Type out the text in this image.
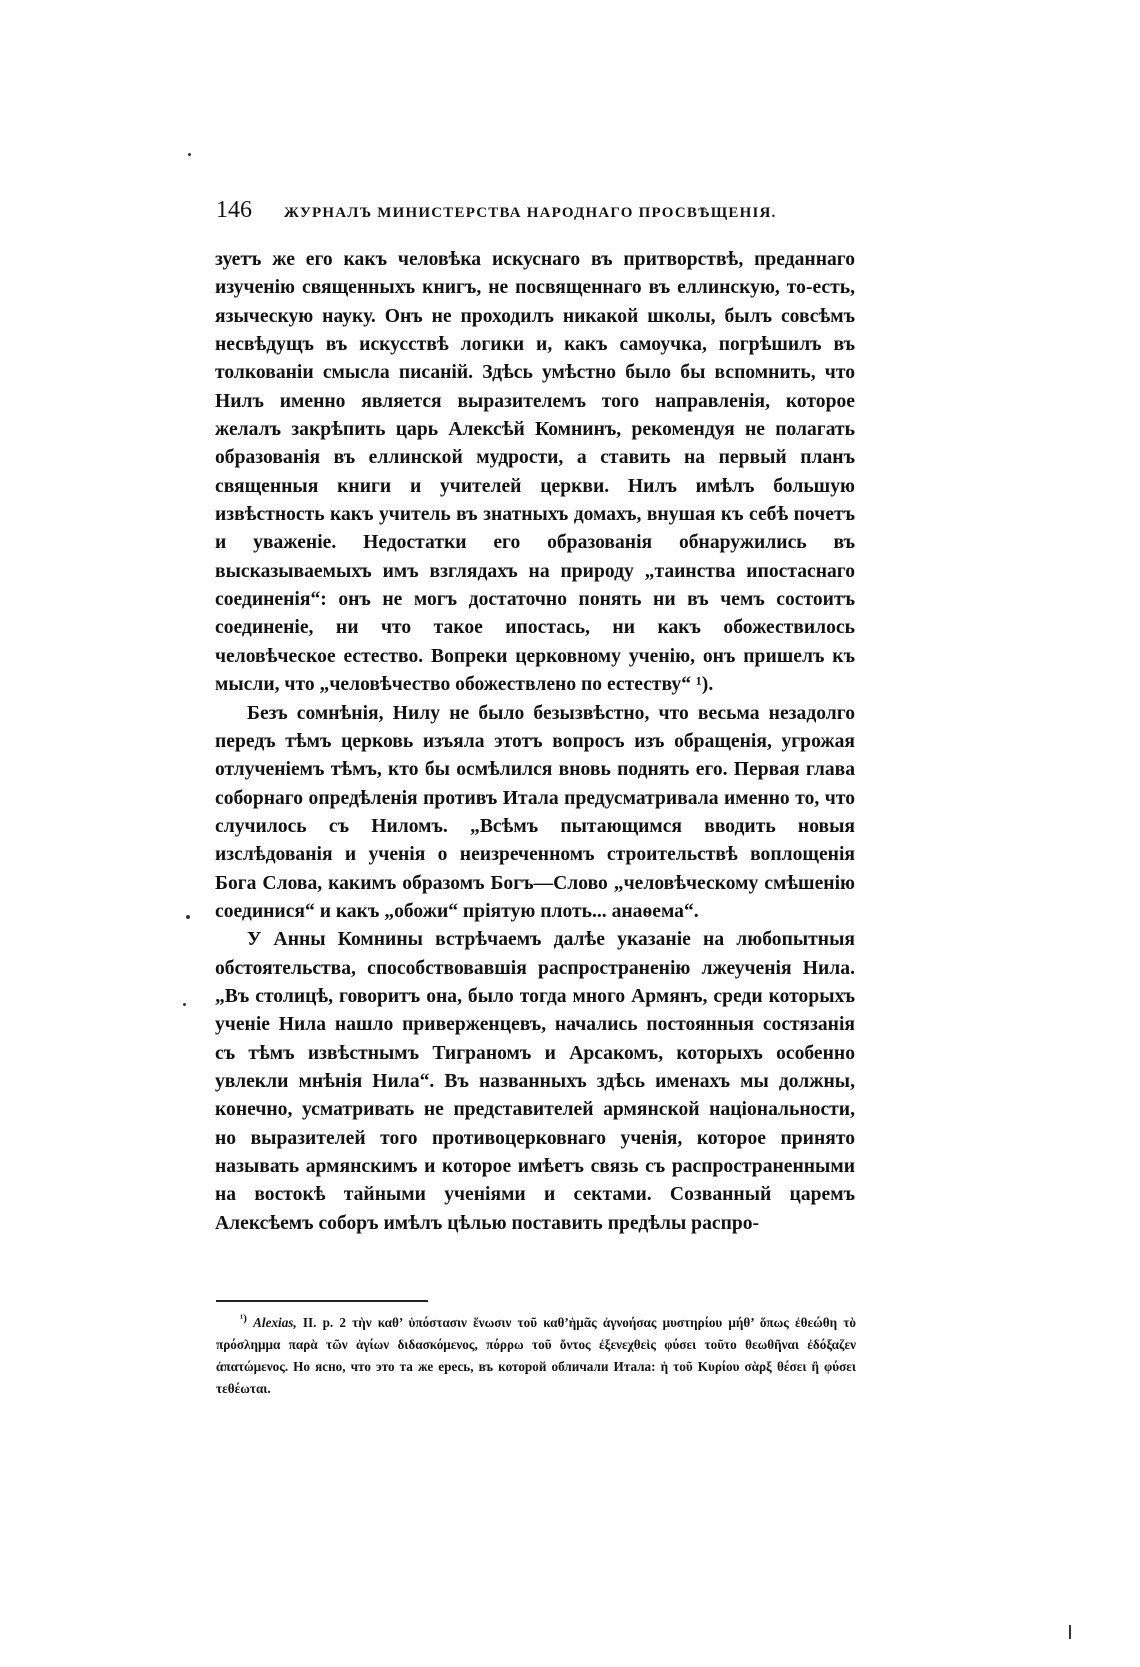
146 ЖУРНАЛЪ МИНИСТЕРСТВА НАРОДНАГО ПРОСВѢЩЕНІЯ.

зуетъ же его какъ человѣка искуснаго въ притворствѣ, преданнаго изученію священныхъ книгъ, не посвященнаго въ еллинскую, то-есть, языческую науку. Онъ не проходилъ никакой школы, былъ совсѣмъ несвѣдущъ въ искусствѣ логики и, какъ самоучка, погрѣшилъ въ толкованіи смысла писаній. Здѣсь умѣстно было бы вспомнить, что Нилъ именно является выразителемъ того направленія, которое желалъ закрѣпить царь Алексѣй Комнинъ, рекомендуя не полагать образованія въ еллинской мудрости, а ставить на первый планъ священныя книги и учителей церкви. Нилъ имѣлъ большую извѣстность какъ учитель въ знатныхъ домахъ, внушая къ себѣ почетъ и уваженіе. Недостатки его образованія обнаружились въ высказываемыхъ имъ взглядахъ на природу „таинства ипостаснаго соединенія“: онъ не могъ достаточно понять ни въ чемъ состоитъ соединеніе, ни что такое ипостась, ни какъ обожествилось человѣческое естество. Вопреки церковному ученію, онъ пришелъ къ мысли, что „человѣчество обожествлено по естеству“ ¹).

Безъ сомнѣнія, Нилу не было безызвѣстно, что весьма незадолго передъ тѣмъ церковь изъяла этотъ вопросъ изъ обращенія, угрожая отлученіемъ тѣмъ, кто бы осмѣлился вновь поднять его. Первая глава соборнаго опредѣленія противъ Итала предусматривала именно то, что случилось съ Ниломъ. „Всѣмъ пытающимся вводить новыя изслѣдованія и ученія о неизреченномъ строительствѣ воплощенія Бога Слова, какимъ образомъ Богъ—Слово „человѣческому смѣшенію соединися“ и какъ „обожи“ пріятую плоть... анаѳема“.

У Анны Комнины встрѣчаемъ далѣе указаніе на любопытныя обстоятельства, способствовавшія распространенію лжеученія Нила. „Въ столицѣ, говоритъ она, было тогда много Армянъ, среди которыхъ ученіе Нила нашло приверженцевъ, начались постоянныя состязанія съ тѣмъ извѣстнымъ Тиграномъ и Арсакомъ, которыхъ особенно увлекли мнѣнія Нила“. Въ названныхъ здѣсь именахъ мы должны, конечно, усматривать не представителей армянской національности, но выразителей того противоцерковнаго ученія, которое принято называть армянскимъ и которое имѣетъ связь съ распространенными на востокѣ тайными ученіями и сектами. Созванный царемъ Алексѣемъ соборъ имѣлъ цѣлью поставить предѣлы распро-

$^{^1)}$ Alexias, II. p. 2 τὴν καθ’ ὑπόστασιν ἕνωσιν τοῦ καθ’ἡμᾶς ἀγνοήσας μυστηρίου μήθ’ ὅπως ἐθεώθη τὸ πρόσλημμα παρὰ τῶν ἁγίων διδασκόμενος, πόρρω τοῦ ὄντος ἐξενεχθεὶς φύσει τοῦτο θεωθῆναι ἐδόξαζεν ἀπατώμενος. Но ясно, что это та же ересь, въ которой обличали Итала: ἡ τοῦ Κυρίου σὰρξ θέσει ἢ φύσει τεθέωται.
